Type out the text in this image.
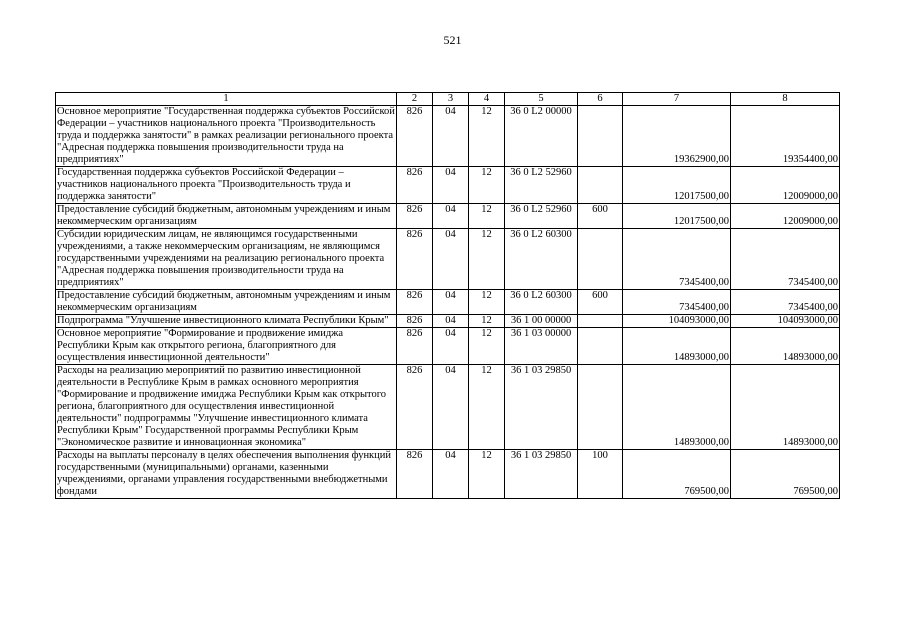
521
1	2	3	4	5	6	7	8
Основное мероприятие "Государственная поддержка субъектов Российской Федерации – участников национального проекта "Производительность труда и поддержка занятости" в рамках реализации регионального проекта "Адресная поддержка повышения производительности труда на предприятиях"	826	04	12	36 0 L2 00000		19362900,00	19354400,00
Государственная поддержка субъектов Российской Федерации – участников национального проекта "Производительность труда и поддержка занятости"	826	04	12	36 0 L2 52960		12017500,00	12009000,00
Предоставление субсидий бюджетным, автономным учреждениям и иным некоммерческим организациям	826	04	12	36 0 L2 52960	600	12017500,00	12009000,00
Субсидии юридическим лицам, не являющимся государственными учреждениями, а также некоммерческим организациям, не являющимся государственными учреждениями на реализацию регионального проекта "Адресная поддержка повышения производительности труда на предприятиях"	826	04	12	36 0 L2 60300		7345400,00	7345400,00
Предоставление субсидий бюджетным, автономным учреждениям и иным некоммерческим организациям	826	04	12	36 0 L2 60300	600	7345400,00	7345400,00
Подпрограмма "Улучшение инвестиционного климата Республики Крым"	826	04	12	36 1 00 00000		104093000,00	104093000,00
Основное мероприятие "Формирование и продвижение имиджа Республики Крым как открытого региона, благоприятного для осуществления инвестиционной деятельности"	826	04	12	36 1 03 00000		14893000,00	14893000,00
Расходы на реализацию мероприятий по развитию инвестиционной деятельности в Республике Крым в рамках основного мероприятия "Формирование и продвижение имиджа Республики Крым как открытого региона, благоприятного для осуществления инвестиционной деятельности" подпрограммы "Улучшение инвестиционного климата Республики Крым" Государственной программы Республики Крым "Экономическое развитие и инновационная экономика"	826	04	12	36 1 03 29850		14893000,00	14893000,00
Расходы на выплаты персоналу в целях обеспечения выполнения функций государственными (муниципальными) органами, казенными учреждениями, органами управления государственными внебюджетными фондами	826	04	12	36 1 03 29850	100	769500,00	769500,00
